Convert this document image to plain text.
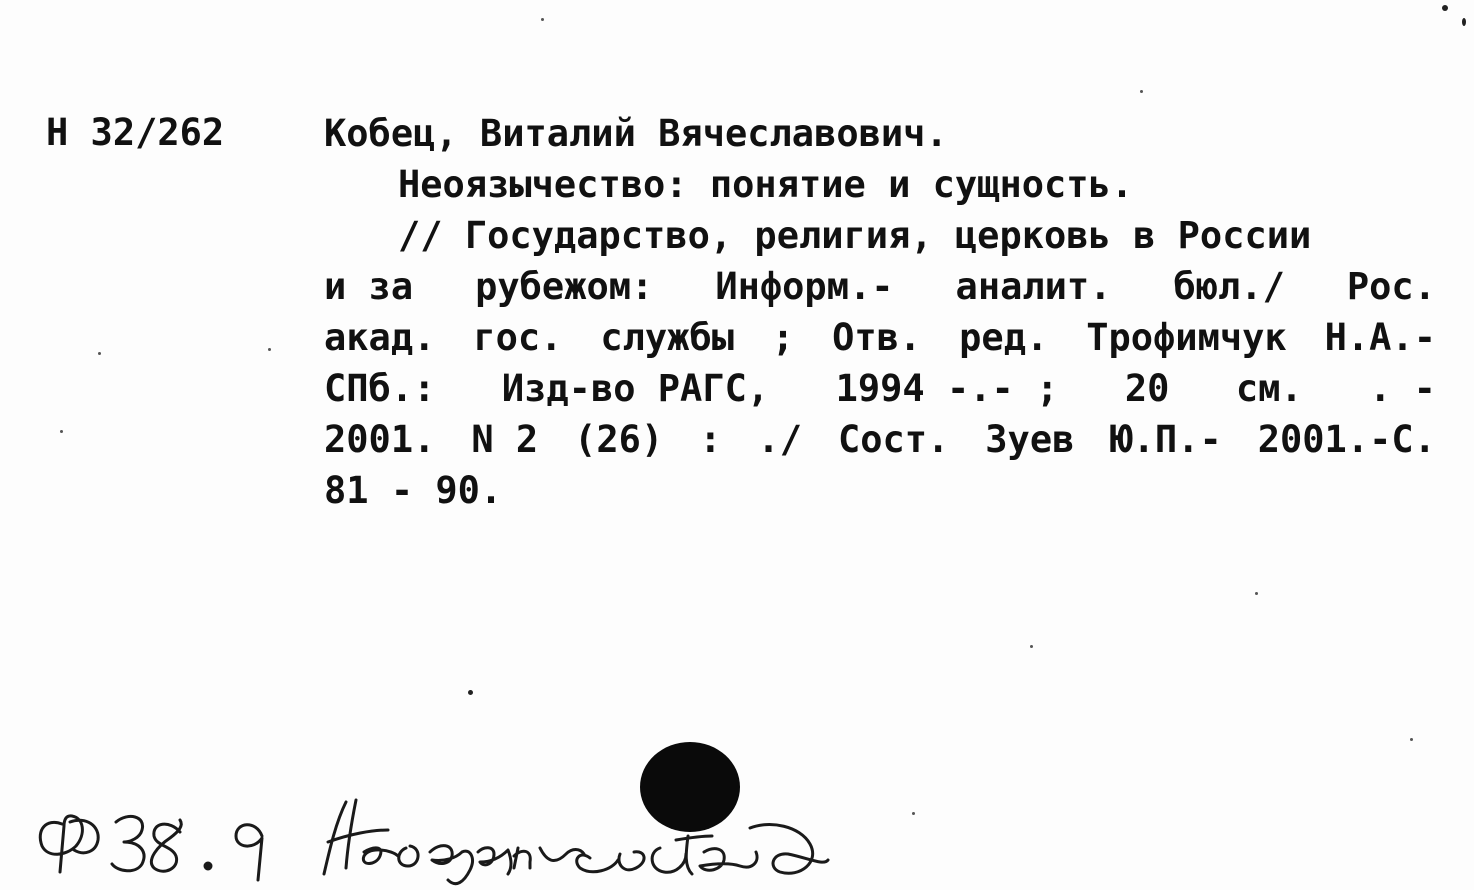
Н 32/262	Кобец, Виталий Вячеславович.
Неоязычество: понятие и сущность.
// Государство, религия, церковь в России
и за рубежом: Информ.- аналит. бюл./ Рос.
акад. гос. службы ; Отв. ред. Трофимчук Н.А.-
СПб.: Изд-во РАГС, 1994 -.- ; 20 см. . -
2001. N 2 (26) : ./ Сост. Зуев Ю.П.- 2001.-С.
81 - 90.
